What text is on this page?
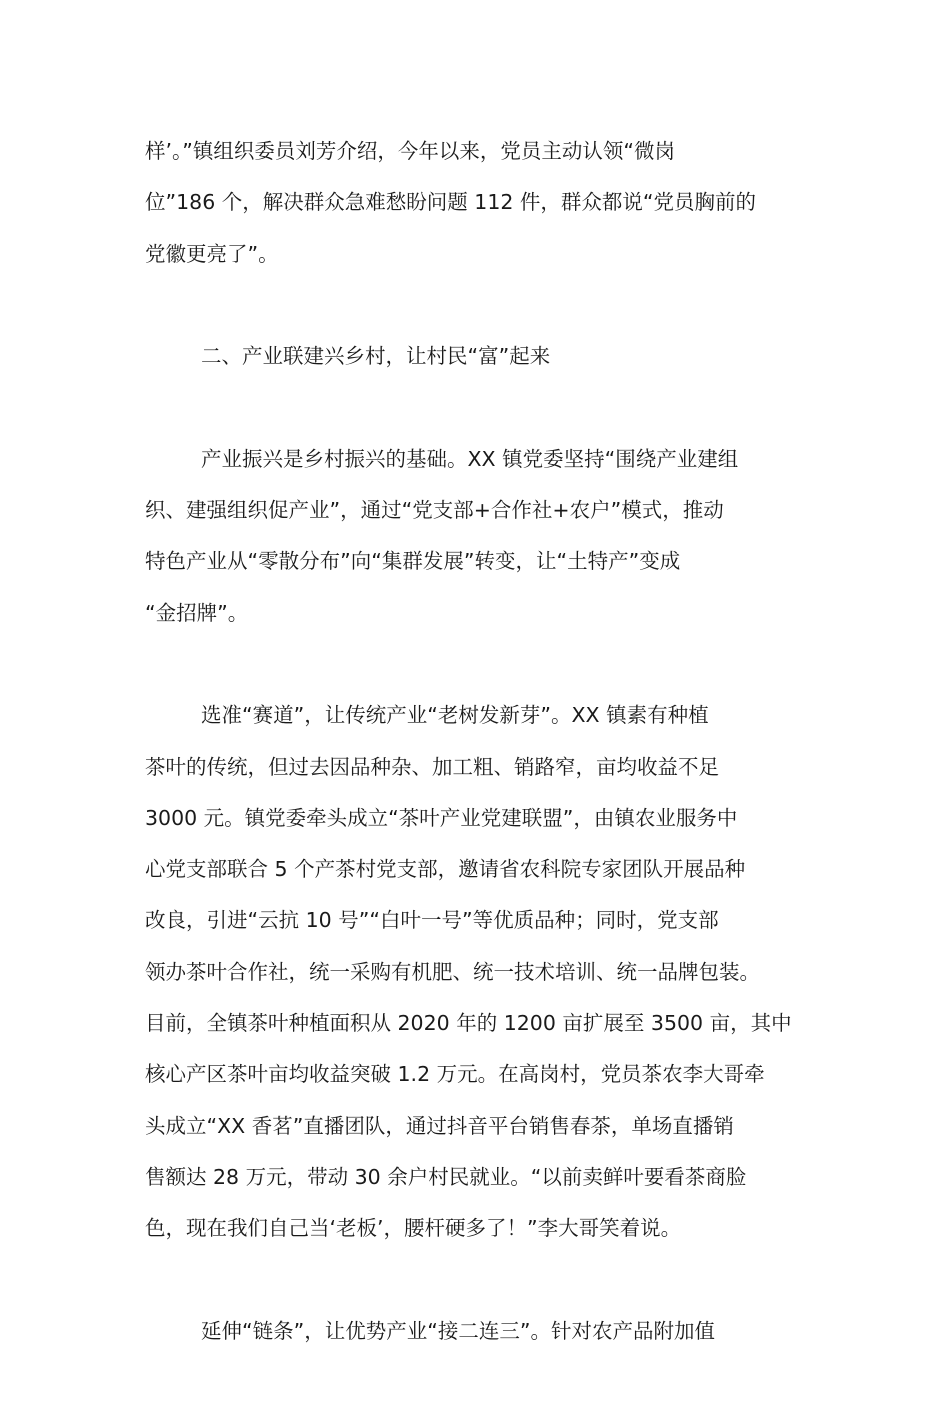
样’。”镇组织委员刘芳介绍，今年以来，党员主动认领“微岗
位”186 个，解决群众急难愁盼问题 112 件，群众都说“党员胸前的
党徽更亮了”。

二、产业联建兴乡村，让村民“富”起来

产业振兴是乡村振兴的基础。XX 镇党委坚持“围绕产业建组
织、建强组织促产业”，通过“党支部+合作社+农户”模式，推动
特色产业从“零散分布”向“集群发展”转变，让“土特产”变成
“金招牌”。

选准“赛道”，让传统产业“老树发新芽”。XX 镇素有种植
茶叶的传统，但过去因品种杂、加工粗、销路窄，亩均收益不足
3000 元。镇党委牵头成立“茶叶产业党建联盟”，由镇农业服务中
心党支部联合 5 个产茶村党支部，邀请省农科院专家团队开展品种
改良，引进“云抗 10 号”“白叶一号”等优质品种；同时，党支部
领办茶叶合作社，统一采购有机肥、统一技术培训、统一品牌包装。
目前，全镇茶叶种植面积从 2020 年的 1200 亩扩展至 3500 亩，其中
核心产区茶叶亩均收益突破 1.2 万元。在高岗村，党员茶农李大哥牵
头成立“XX 香茗”直播团队，通过抖音平台销售春茶，单场直播销
售额达 28 万元，带动 30 余户村民就业。“以前卖鲜叶要看茶商脸
色，现在我们自己当‘老板’，腰杆硬多了！”李大哥笑着说。

延伸“链条”，让优势产业“接二连三”。针对农产品附加值
